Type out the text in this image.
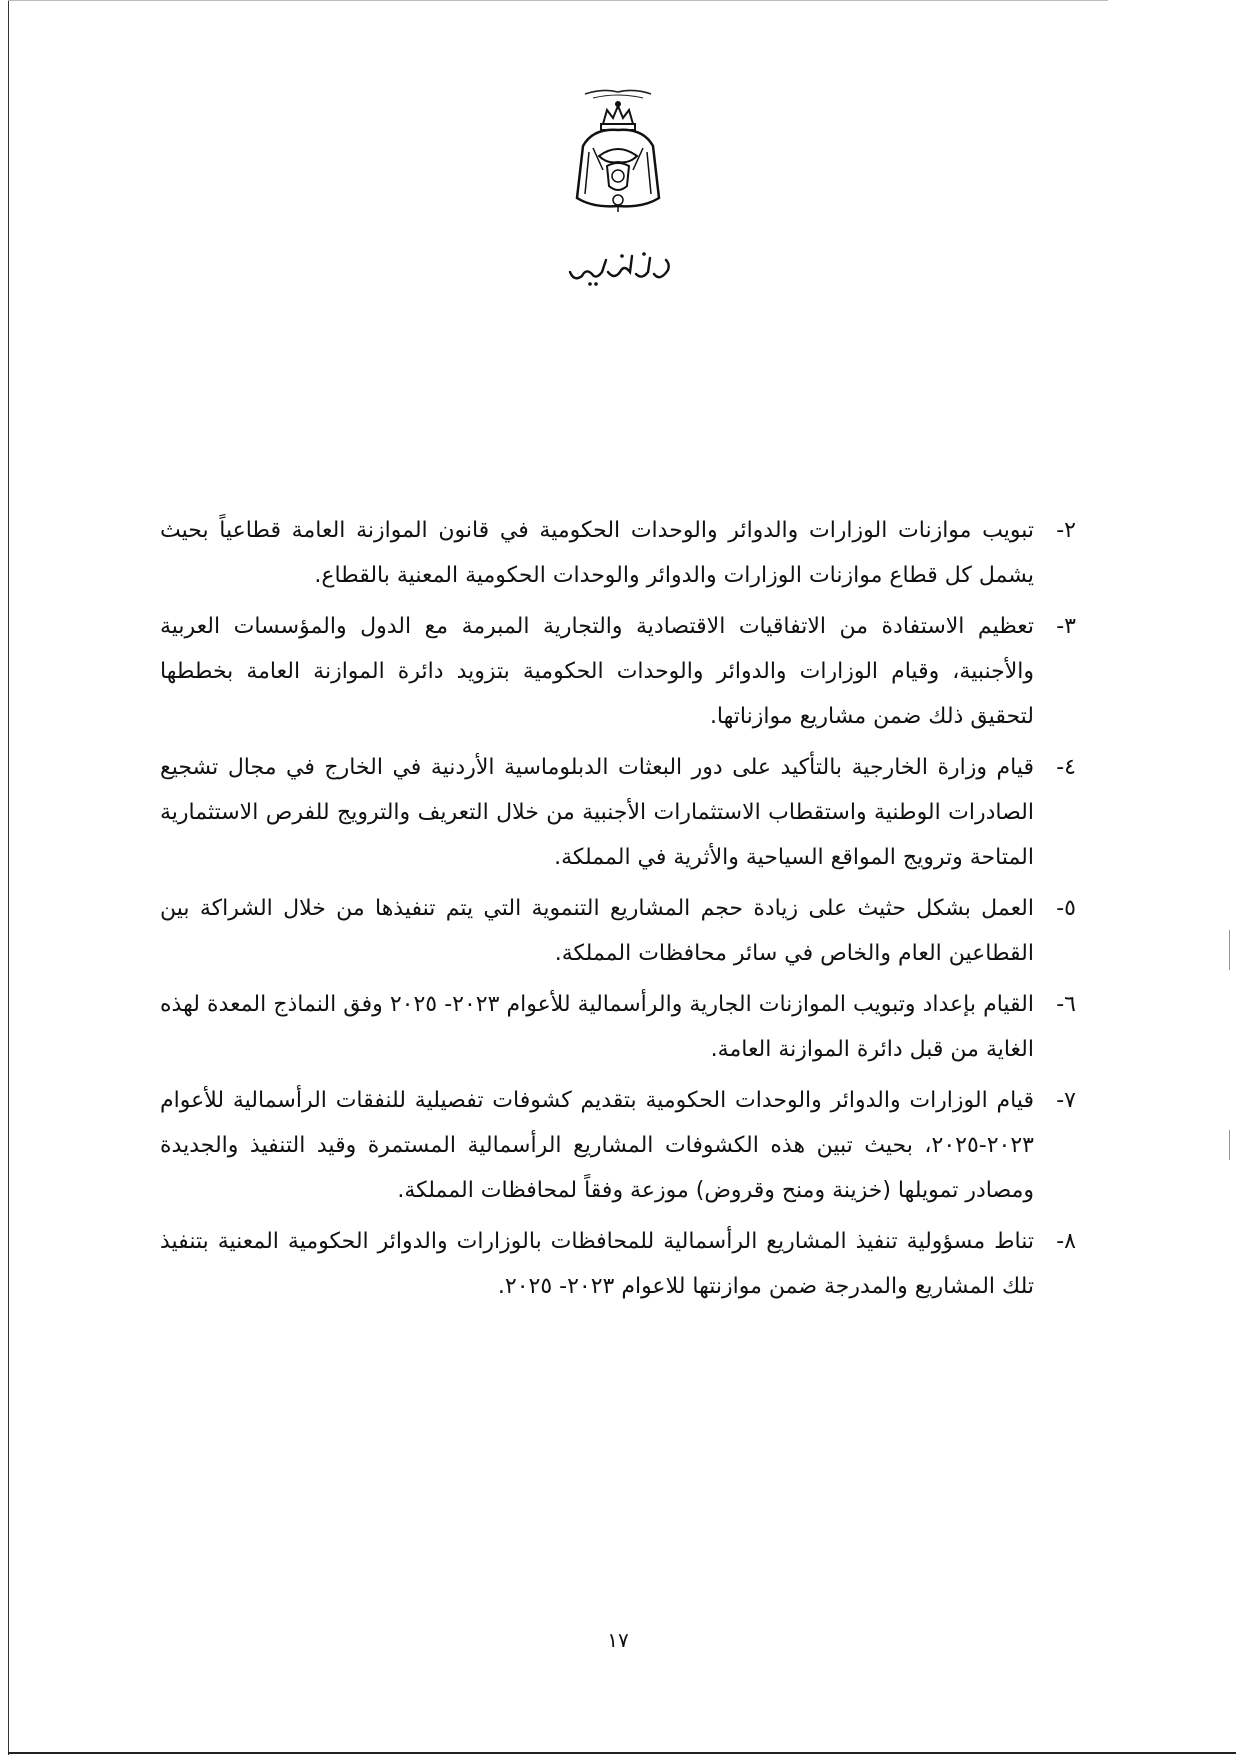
٢-
تبويب موازنات الوزارات والدوائر والوحدات الحكومية في قانون الموازنة العامة قطاعياً بحيث يشمل كل قطاع موازنات الوزارات والدوائر والوحدات الحكومية المعنية بالقطاع.
٣-
تعظيم الاستفادة من الاتفاقيات الاقتصادية والتجارية المبرمة مع الدول والمؤسسات العربية والأجنبية، وقيام الوزارات والدوائر والوحدات الحكومية بتزويد دائرة الموازنة العامة بخططها لتحقيق ذلك ضمن مشاريع موازناتها.
٤-
قيام وزارة الخارجية بالتأكيد على دور البعثات الدبلوماسية الأردنية في الخارج في مجال تشجيع الصادرات الوطنية واستقطاب الاستثمارات الأجنبية من خلال التعريف والترويج للفرص الاستثمارية المتاحة وترويج المواقع السياحية والأثرية في المملكة.
٥-
العمل بشكل حثيث على زيادة حجم المشاريع التنموية التي يتم تنفيذها من خلال الشراكة بين القطاعين العام والخاص في سائر محافظات المملكة.
٦-
القيام بإعداد وتبويب الموازنات الجارية والرأسمالية للأعوام ٢٠٢٣- ٢٠٢٥ وفق النماذج المعدة لهذه الغاية من قبل دائرة الموازنة العامة.
٧-
قيام الوزارات والدوائر والوحدات الحكومية بتقديم كشوفات تفصيلية للنفقات الرأسمالية للأعوام ٢٠٢٣-٢٠٢٥، بحيث تبين هذه الكشوفات المشاريع الرأسمالية المستمرة وقيد التنفيذ والجديدة ومصادر تمويلها (خزينة ومنح وقروض) موزعة وفقاً لمحافظات المملكة.
٨-
تناط مسؤولية تنفيذ المشاريع الرأسمالية للمحافظات بالوزارات والدوائر الحكومية المعنية بتنفيذ تلك المشاريع والمدرجة ضمن موازنتها للاعوام ٢٠٢٣- ٢٠٢٥.
١٧
